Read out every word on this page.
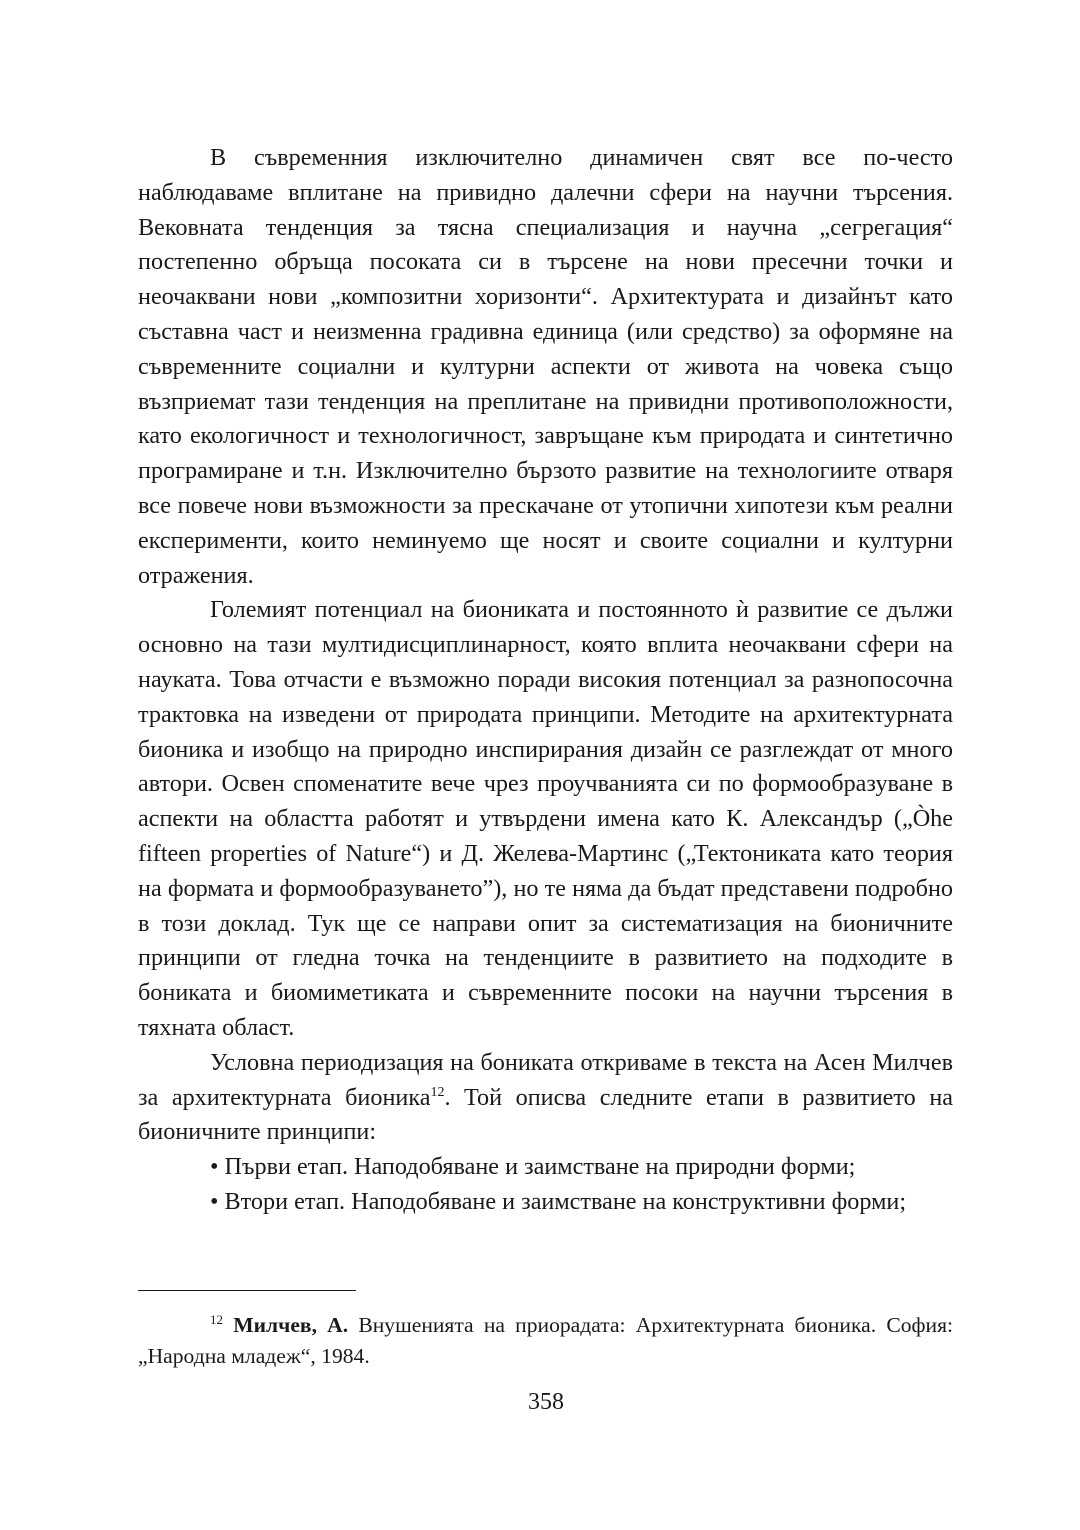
В съвременния изключително динамичен свят все по-често наблюдаваме вплитане на привидно далечни сфери на научни търсения. Вековната тенденция за тясна специализация и научна „сегрегация“ постепенно обръща посоката си в търсене на нови пресечни точки и неочаквани нови „композитни хоризонти“. Архитектурата и дизайнът като съставна част и неизменна градивна единица (или средство) за оформяне на съвременните социални и културни аспекти от живота на човека също възприемат тази тенденция на преплитане на привидни противоположности, като екологичност и технологичност, завръщане към природата и синтетично програмиране и т.н. Изключително бързото развитие на технологиите отваря все повече нови възможности за прескачане от утопични хипотези към реални експерименти, които неминуемо ще носят и своите социални и културни отражения.

Големият потенциал на биониката и постоянното ѝ развитие се дължи основно на тази мултидисциплинарност, която вплита неочаквани сфери на науката. Това отчасти е възможно поради високия потенциал за разнопосочна трактовка на изведени от природата принципи. Методите на архитектурната бионика и изобщо на природно инспирирания дизайн се разглеждат от много автори. Освен споменатите вече чрез проучванията си по формообразуване в аспекти на областта работят и утвърдени имена като К. Александър („Òhe fifteen properties of Nature“) и Д. Желева-Мартинс („Тектониката като теория на формата и формообразуването”), но те няма да бъдат представени подробно в този доклад. Тук ще се направи опит за систематизация на бионичните принципи от гледна точка на тенденциите в развитието на подходите в бониката и биомиметиката и съвременните посоки на научни търсения в тяхната област.

Условна периодизация на бониката откриваме в текста на Асен Милчев за архитектурната бионика$^{12}$. Той описва следните етапи в развитието на бионичните принципи:

• Първи етап. Наподобяване и заимстване на природни форми;

• Втори етап. Наподобяване и заимстване на конструктивни форми;

$^{12}$ Милчев, А. Внушенията на приорадата: Архитектурната бионика. София: „Народна младеж“, 1984.

358
